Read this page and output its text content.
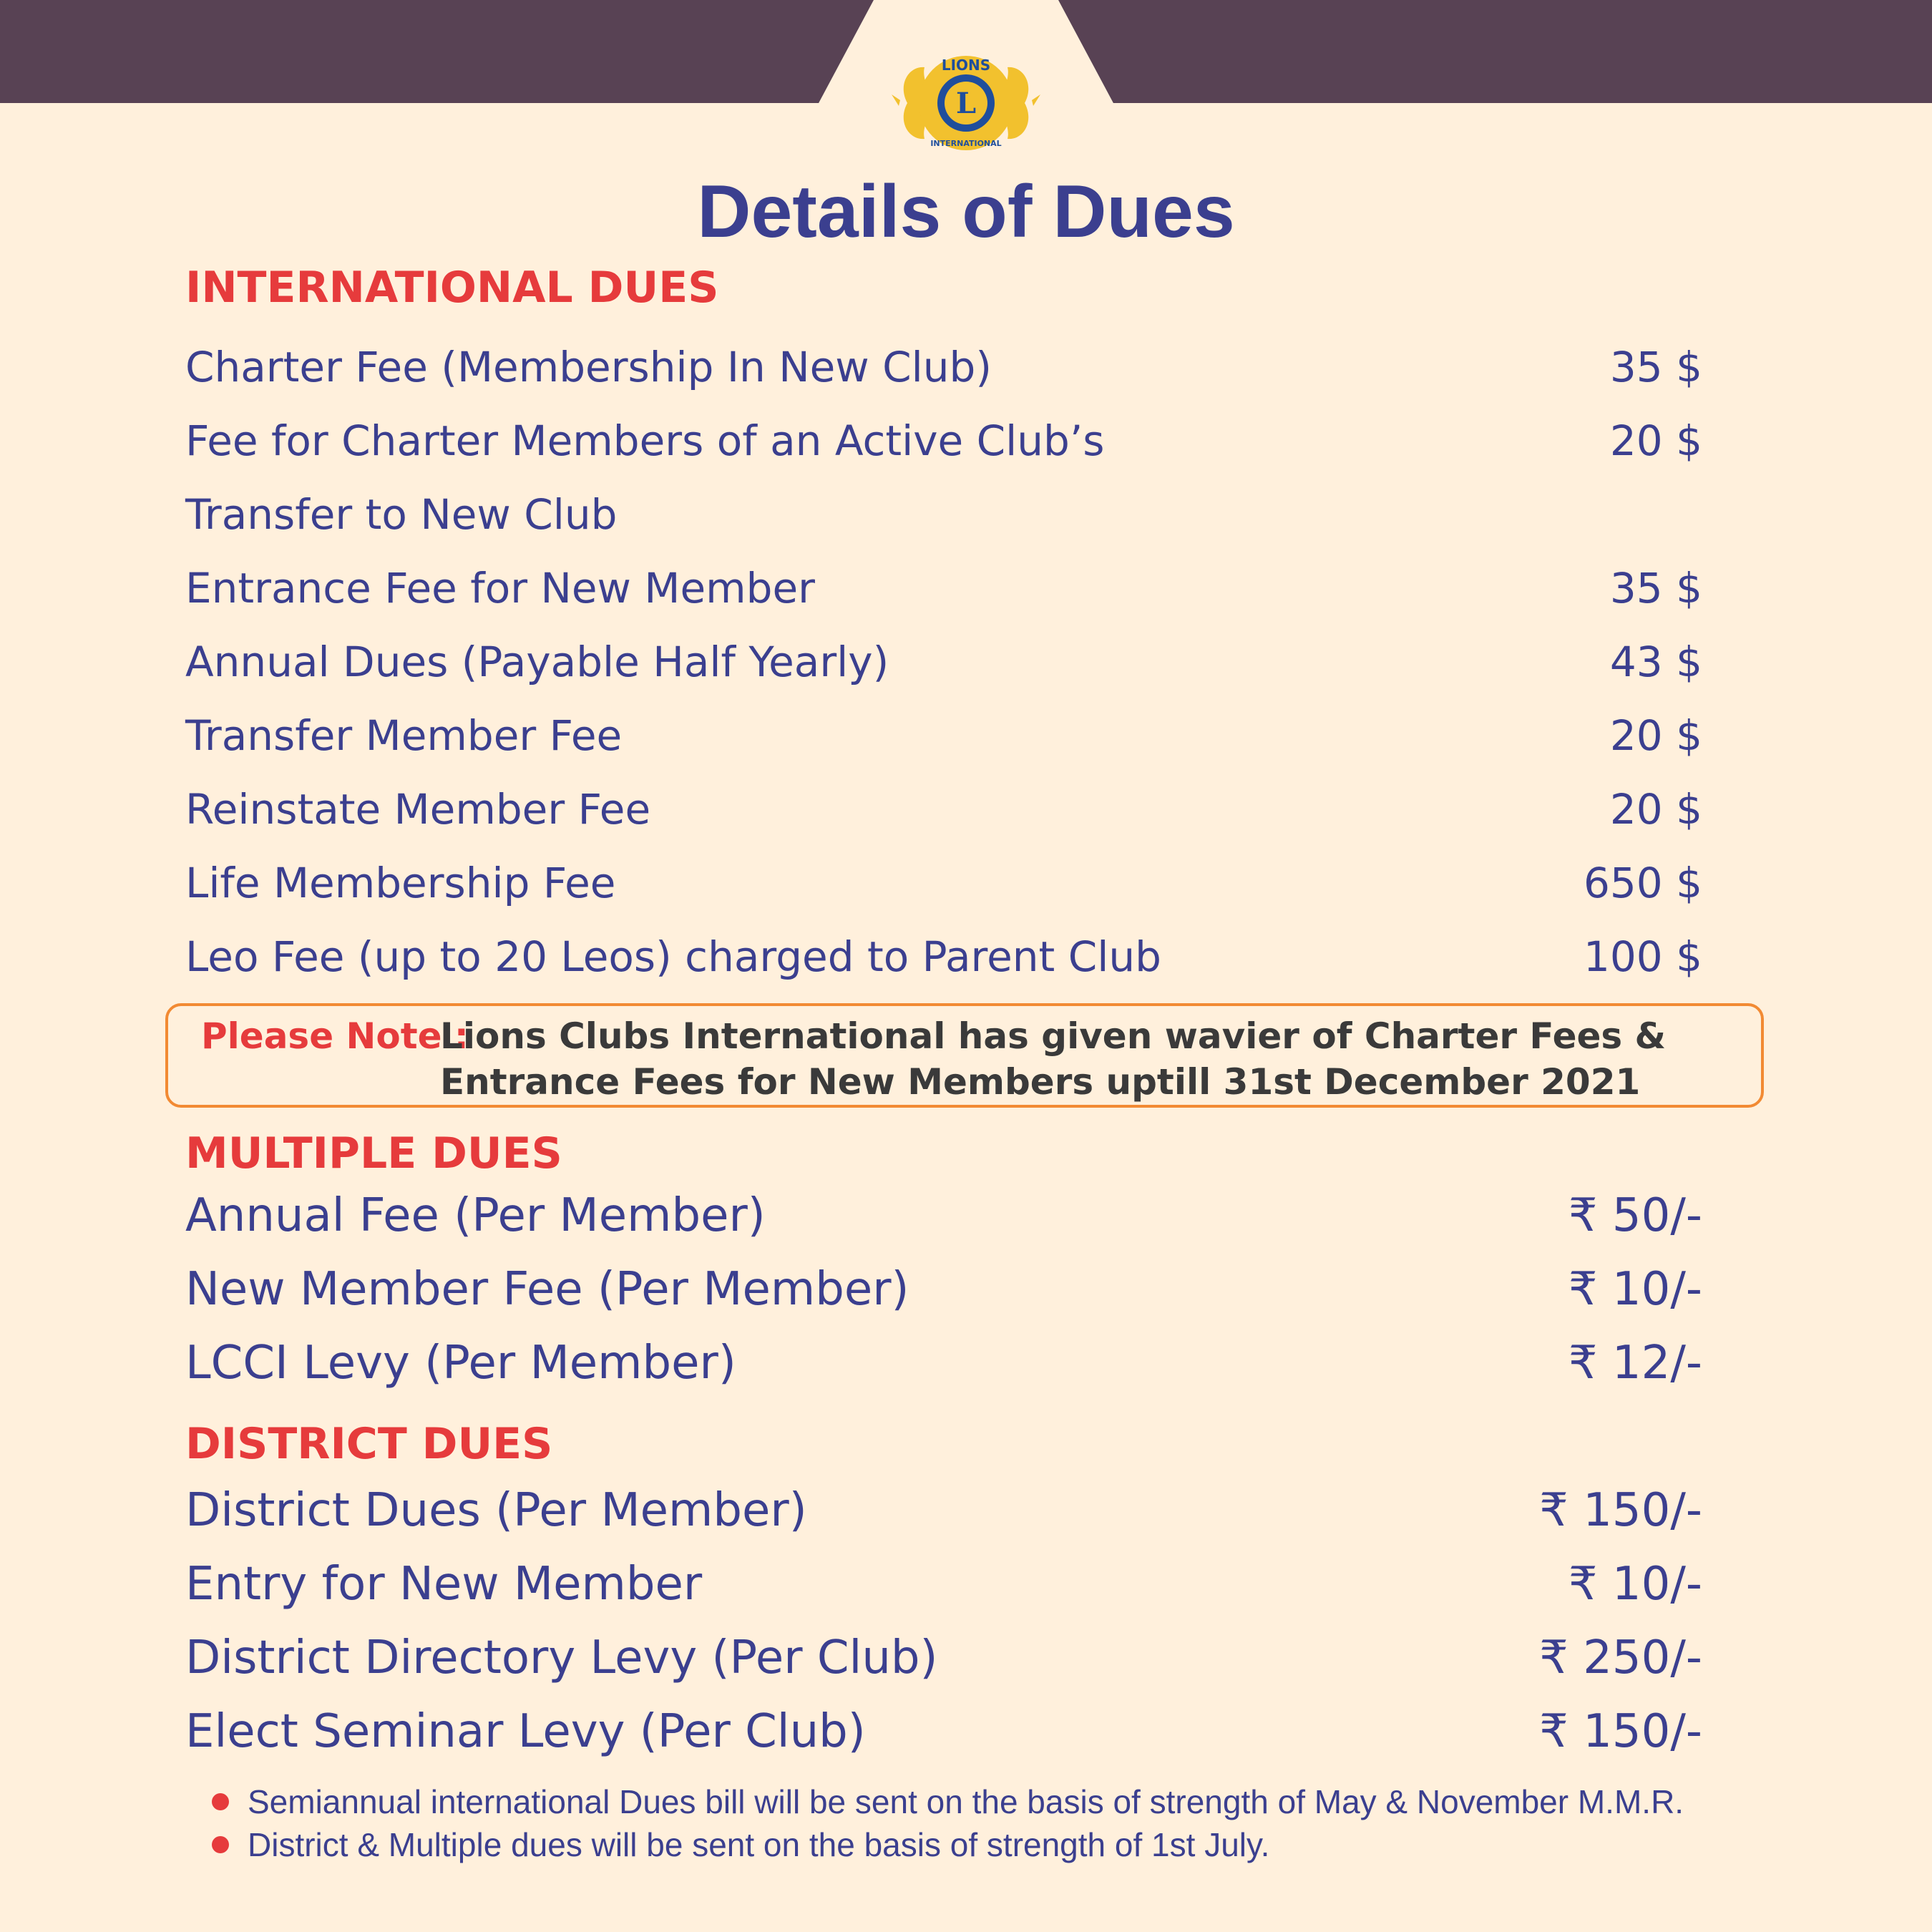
L
LIONS
INTERNATIONAL
Details of Dues
INTERNATIONAL DUES
Charter Fee (Membership In New Club)	35 $
Fee for Charter Members of an Active Club’s	20 $
Transfer to New Club
Entrance Fee for New Member	35 $
Annual Dues (Payable Half Yearly)	43 $
Transfer Member Fee	20 $
Reinstate Member Fee	20 $
Life Membership Fee	650 $
Leo Fee (up to 20 Leos) charged to Parent Club	100 $
Please Note :
Lions Clubs International has given wavier of Charter Fees & Entrance Fees for New Members uptill 31st December 2021
MULTIPLE DUES
Annual Fee (Per Member)	₹ 50/-
New Member Fee (Per Member)	₹ 10/-
LCCI Levy (Per Member)	₹ 12/-
DISTRICT DUES
District Dues (Per Member)	₹ 150/-
Entry for New Member	₹ 10/-
District Directory Levy (Per Club)	₹ 250/-
Elect Seminar Levy (Per Club)	₹ 150/-
Semiannual international Dues bill will be sent on the basis of strength of May & November M.M.R.
District & Multiple dues will be sent on the basis of strength of 1st July.
